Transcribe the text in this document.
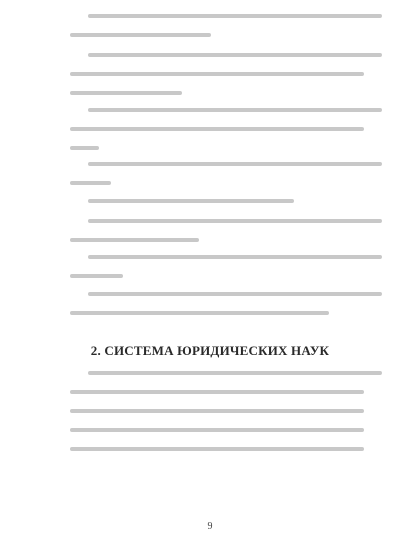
2. СИСТЕМА ЮРИДИЧЕСКИХ НАУК
9
